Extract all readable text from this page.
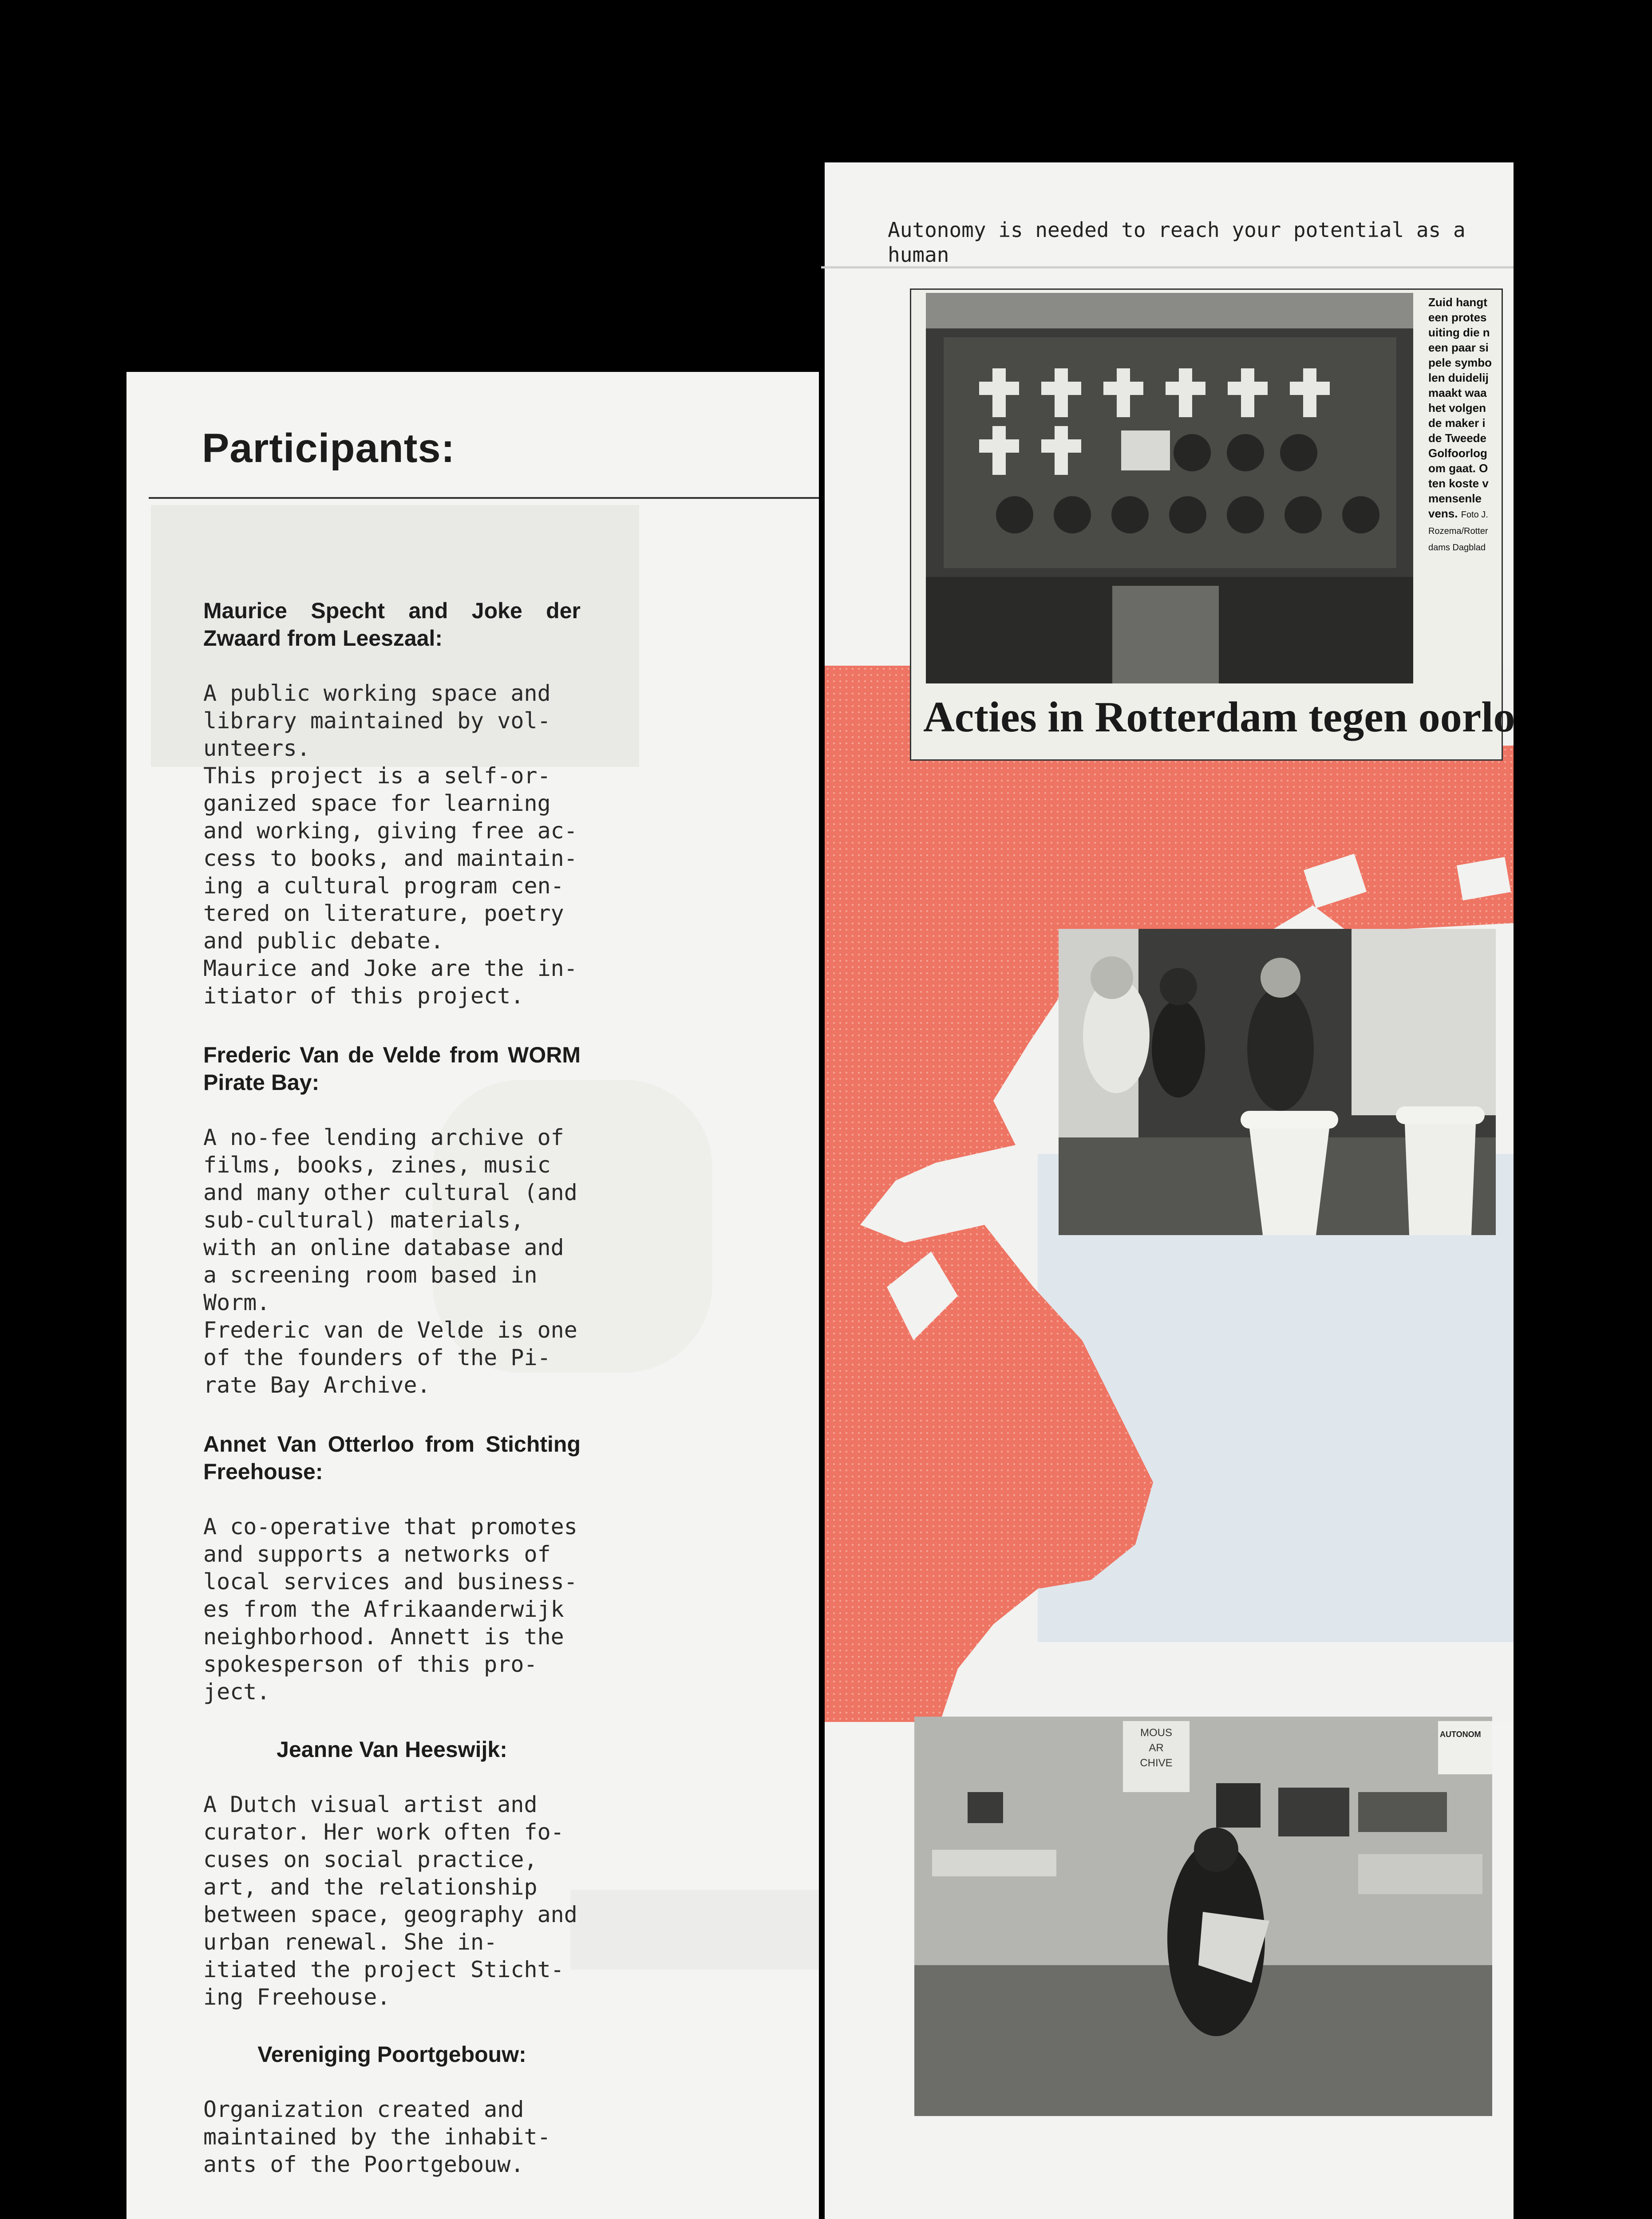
Participants:

Maurice Specht and Joke der Zwaard from Leeszaal:

A public working space and library maintained by vol-unteers.
This project is a self-or-ganized space for learning and working, giving free ac-cess to books, and maintain-ing a cultural program cen-tered on literature, poetry and public debate.
Maurice and Joke are the in-itiator of this project.

Frederic Van de Velde from WORM Pirate Bay:

A no-fee lending archive of films, books, zines, music and many other cultural (and sub-cultural) materials, with an online database and a screening room based in Worm.
Frederic van de Velde is one of the founders of the Pi-rate Bay Archive.

Annet Van Otterloo from Stichting Freehouse:

A co-operative that promotes and supports a networks of local services and business-es from the Afrikaanderwijk neighborhood. Annett is the spokesperson of this pro-ject.

Jeanne Van Heeswijk:

A Dutch visual artist and curator. Her work often fo-cuses on social practice, art, and the relationship between space, geography and urban renewal. She in-itiated the project Sticht-ing Freehouse.

Vereniging Poortgebouw:

Organization created and maintained by the inhabit-ants of the Poortgebouw.

Autonomy is needed to reach your potential as a human
Zuid hangt een protes uiting die n een paar si pele symbo len duidelij maakt waa het volgen de maker i de Tweede Golfoorlog om gaat. O ten koste v mensenle vens. Foto J. Rozema/Rotter dams Dagblad
Acties in Rotterdam tegen oorlo
MOUS
AR
CHIVE
AUTONOM
